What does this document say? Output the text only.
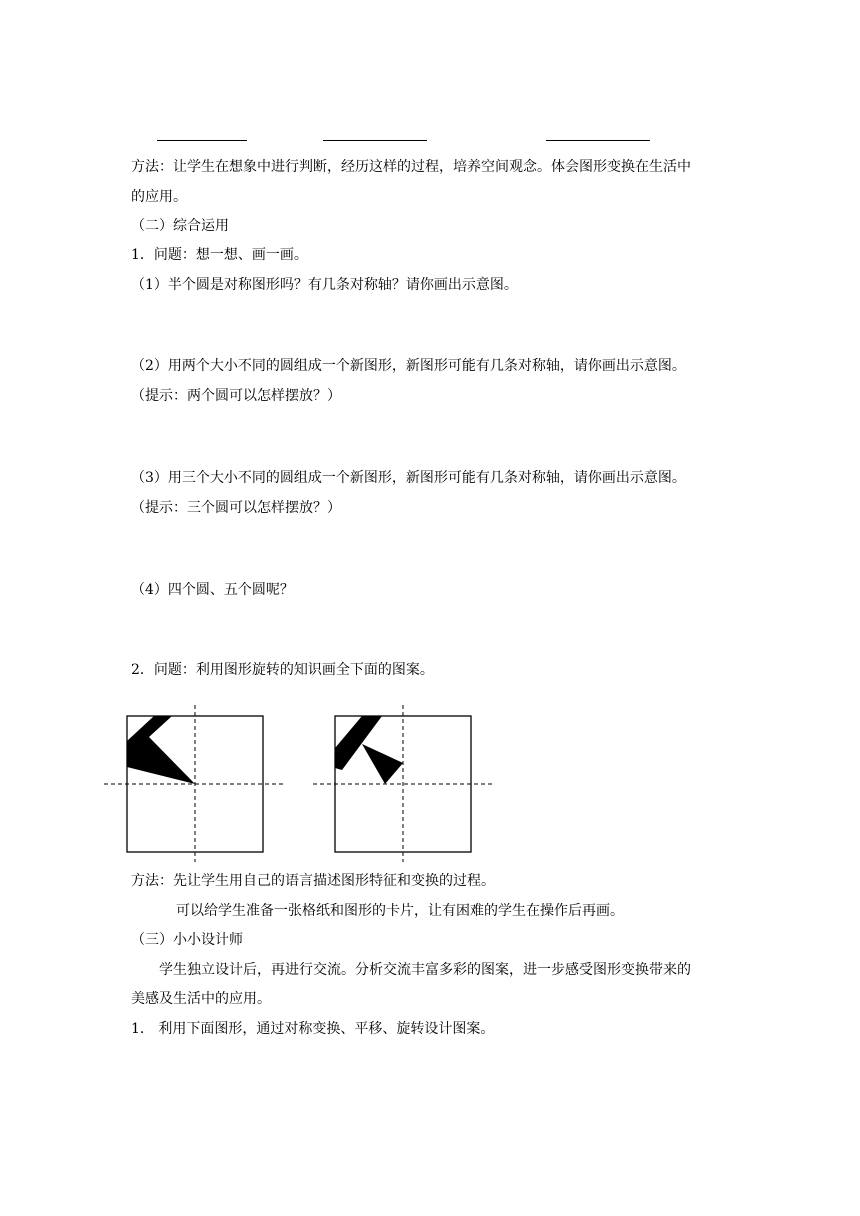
方法：让学生在想象中进行判断，经历这样的过程，培养空间观念。体会图形变换在生活中
的应用。
（二）综合运用
1．问题：想一想、画一画。
（1）半个圆是对称图形吗？有几条对称轴？请你画出示意图。
（2）用两个大小不同的圆组成一个新图形，新图形可能有几条对称轴，请你画出示意图。
（提示：两个圆可以怎样摆放？）
（3）用三个大小不同的圆组成一个新图形，新图形可能有几条对称轴，请你画出示意图。
（提示：三个圆可以怎样摆放？）
（4）四个圆、五个圆呢？
2．问题：利用图形旋转的知识画全下面的图案。
方法：先让学生用自己的语言描述图形特征和变换的过程。
可以给学生准备一张格纸和图形的卡片，让有困难的学生在操作后再画。
（三）小小设计师
学生独立设计后，再进行交流。分析交流丰富多彩的图案，进一步感受图形变换带来的
美感及生活中的应用。
1． 利用下面图形，通过对称变换、平移、旋转设计图案。
